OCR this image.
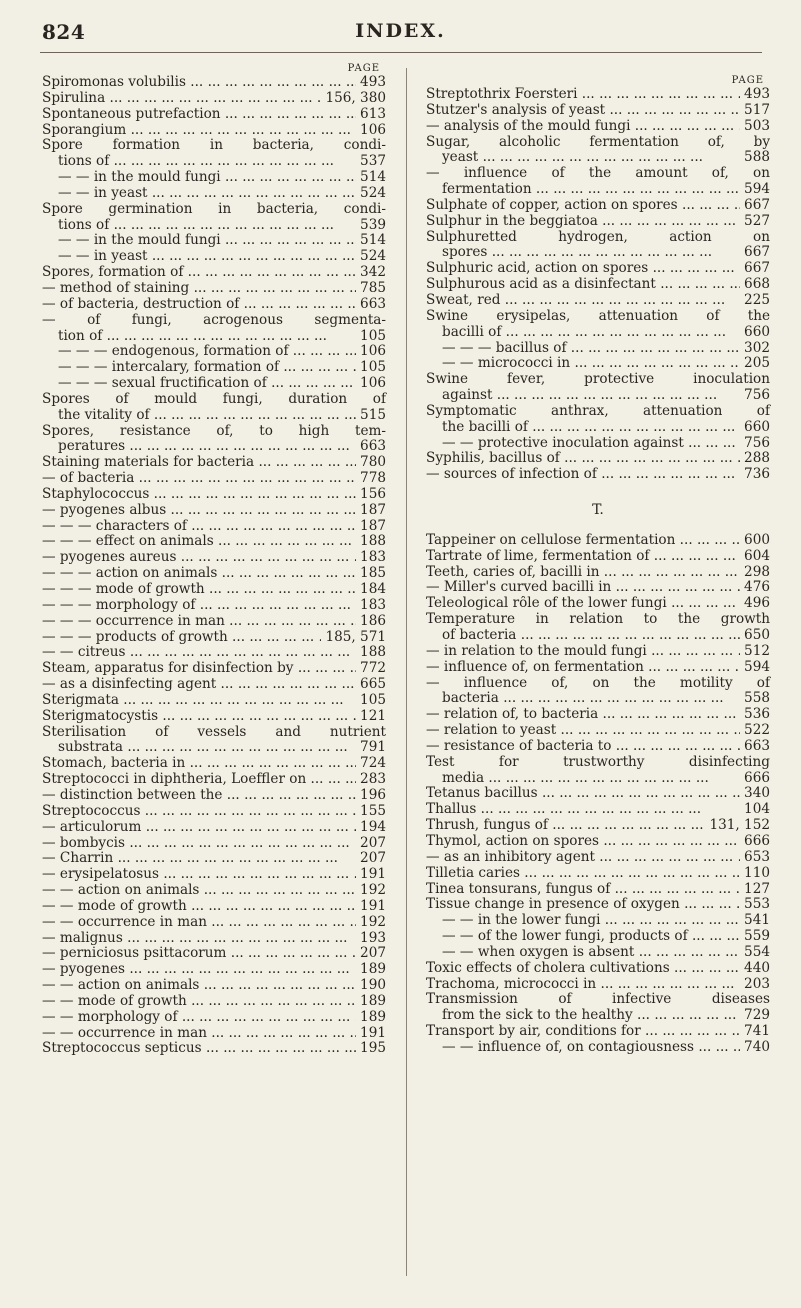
824	INDEX.
PAGE
Spiromonas volubilis ... .	493
Spirulina ... .	156, 380
Spontaneous putrefaction ... .	613
Sporangium ... .	106
Spore formation in bacteria, condi-
tions of ... .	537
— — in the mould fungi ... .	514
— — in yeast ... .	524
Spore germination in bacteria, condi-
tions of ... .	539
— — in the mould fungi ... .	514
— — in yeast ... .	524
Spores, formation of ... .	342
— method of staining ... .	785
— of bacteria, destruction of ... .	663
— of fungi, acrogenous segmenta-
tion of ... .	105
— — — endogenous, formation of ... .	106
— — — intercalary, formation of ... .	105
— — — sexual fructification of ... .	106
Spores of mould fungi, duration of
the vitality of ... .	515
Spores, resistance of, to high tem-
peratures ... .	663
Staining materials for bacteria ... .	780
— of bacteria ... .	778
Staphylococcus ... .	156
— pyogenes albus ... .	187
— — — characters of ... .	187
— — — effect on animals ... .	188
— pyogenes aureus ... .	183
— — — action on animals ... .	185
— — — mode of growth ... .	184
— — — morphology of ... .	183
— — — occurrence in man ... .	186
— — — products of growth ... .	185, 571
— — citreus ... .	188
Steam, apparatus for disinfection by ... .	772
— as a disinfecting agent ... .	665
Sterigmata ... .	105
Sterigmatocystis ... .	121
Sterilisation of vessels and nutrient
substrata ... .	791
Stomach, bacteria in ... .	724
Streptococci in diphtheria, Loeffler on ... .	283
— distinction between the ... .	196
Streptococcus ... .	155
— articulorum ... .	194
— bombycis ... .	207
— Charrin ... .	207
— erysipelatosus ... .	191
— — action on animals ... .	192
— — mode of growth ... .	191
— — occurrence in man ... .	192
— malignus ... .	193
— perniciosus psittacorum ... .	207
— pyogenes ... .	189
— — action on animals ... .	190
— — mode of growth ... .	189
— — morphology of ... .	189
— — occurrence in man ... .	191
Streptococcus septicus ... .	195
PAGE
Streptothrix Foersteri ... .	493
Stutzer's analysis of yeast ... .	517
— analysis of the mould fungi ... .	503
Sugar, alcoholic fermentation of, by
yeast ... .	588
— influence of the amount of, on
fermentation ... .	594
Sulphate of copper, action on spores ... .	667
Sulphur in the beggiatoa ... .	527
Sulphuretted hydrogen, action on
spores ... .	667
Sulphuric acid, action on spores ... .	667
Sulphurous acid as a disinfectant ... .	668
Sweat, red ... .	225
Swine erysipelas, attenuation of the
bacilli of ... .	660
— — — bacillus of ... .	302
— — micrococci in ... .	205
Swine fever, protective inoculation
against ... .	756
Symptomatic anthrax, attenuation of
the bacilli of ... .	660
— — protective inoculation against ... .	756
Syphilis, bacillus of ... .	288
— sources of infection of ... .	736
T.
Tappeiner on cellulose fermentation ... .	600
Tartrate of lime, fermentation of ... .	604
Teeth, caries of, bacilli in ... .	298
— Miller's curved bacilli in ... .	476
Teleological rôle of the lower fungi ... .	496
Temperature in relation to the growth
of bacteria ... .	650
— in relation to the mould fungi ... .	512
— influence of, on fermentation ... .	594
— influence of, on the motility of
bacteria ... .	558
— relation of, to bacteria ... .	536
— relation to yeast ... .	522
— resistance of bacteria to ... .	663
Test for trustworthy disinfecting
media ... .	666
Tetanus bacillus ... .	340
Thallus ... .	104
Thrush, fungus of ... .	131, 152
Thymol, action on spores ... .	666
— as an inhibitory agent ... .	653
Tilletia caries ... .	110
Tinea tonsurans, fungus of ... .	127
Tissue change in presence of oxygen ... .	553
— — in the lower fungi ... .	541
— — of the lower fungi, products of ... .	559
— — when oxygen is absent ... .	554
Toxic effects of cholera cultivations ... .	440
Trachoma, micrococci in ... .	203
Transmission of infective diseases
from the sick to the healthy ... .	729
Transport by air, conditions for ... .	741
— — influence of, on contagiousness ... .	740
